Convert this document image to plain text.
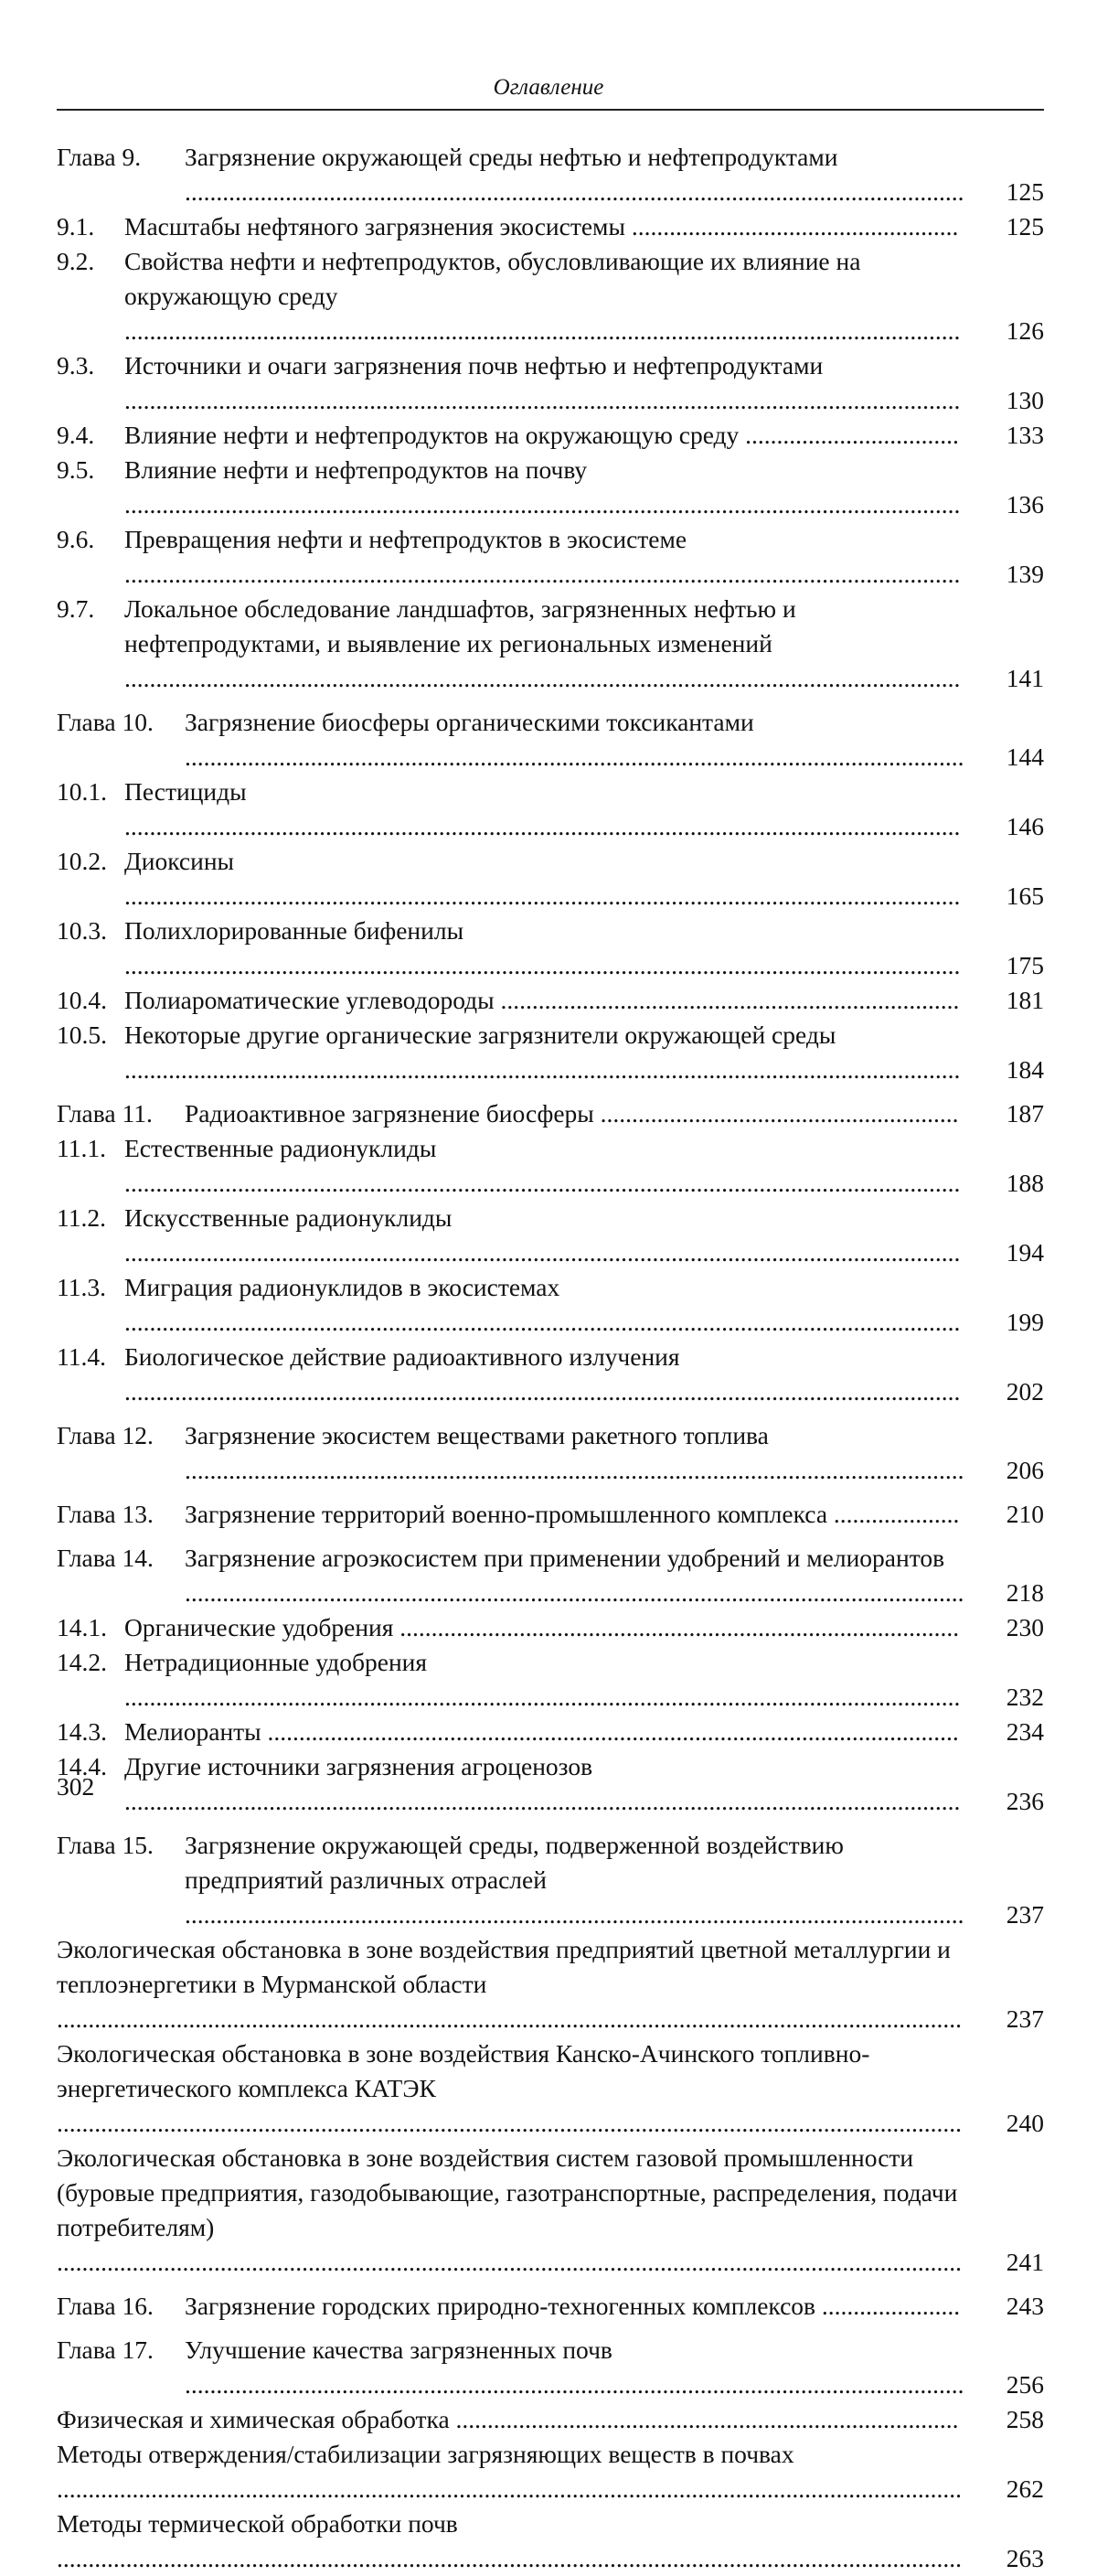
Оглавление
Глава 9. Загрязнение окружающей среды нефтью и нефтепродуктами ............................................................................................................................	125
9.1. Масштабы нефтяного загрязнения экосистемы ....................................................	125
9.2. Свойства нефти и нефтепродуктов, обусловливающие их влияние на окружающую среду .....................................................................................................................................	126
9.3. Источники и очаги загрязнения почв нефтью и нефтепродуктами .....................................................................................................................................	130
9.4. Влияние нефти и нефтепродуктов на окружающую среду ..................................	133
9.5. Влияние нефти и нефтепродуктов на почву .....................................................................................................................................	136
9.6. Превращения нефти и нефтепродуктов в экосистеме .....................................................................................................................................	139
9.7. Локальное обследование ландшафтов, загрязненных нефтью и нефтепродуктами, и выявление их региональных изменений .....................................................................................................................................	141
Глава 10. Загрязнение биосферы органическими токсикантами ............................................................................................................................	144
10.1. Пестициды .....................................................................................................................................	146
10.2. Диоксины .....................................................................................................................................	165
10.3. Полихлорированные бифенилы .....................................................................................................................................	175
10.4. Полиароматические углеводороды .........................................................................	181
10.5. Некоторые другие органические загрязнители окружающей среды .....................................................................................................................................	184
Глава 11. Радиоактивное загрязнение биосферы .........................................................	187
11.1. Естественные радионуклиды .....................................................................................................................................	188
11.2. Искусственные радионуклиды .....................................................................................................................................	194
11.3. Миграция радионуклидов в экосистемах .....................................................................................................................................	199
11.4. Биологическое действие радиоактивного излучения .....................................................................................................................................	202
Глава 12. Загрязнение экосистем веществами ракетного топлива ............................................................................................................................	206
Глава 13. Загрязнение территорий военно-промышленного комплекса ....................	210
Глава 14. Загрязнение агроэкосистем при применении удобрений и мелиорантов ............................................................................................................................	218
14.1. Органические удобрения .........................................................................................	230
14.2. Нетрадиционные удобрения .....................................................................................................................................	232
14.3. Мелиоранты ..............................................................................................................	234
14.4. Другие источники загрязнения агроценозов .....................................................................................................................................	236
Глава 15. Загрязнение окружающей среды, подверженной воздействию предприятий различных отраслей ............................................................................................................................	237
Экологическая обстановка в зоне воздействия предприятий цветной металлургии и теплоэнергетики в Мурманской области ................................................................................................................................................	237
Экологическая обстановка в зоне воздействия Канско-Ачинского топливно-энергетического комплекса КАТЭК ................................................................................................................................................	240
Экологическая обстановка в зоне воздействия систем газовой промышленности (буровые предприятия, газодобывающие, газотранспортные, распределения, подачи потребителям) ................................................................................................................................................	241
Глава 16. Загрязнение городских природно-техногенных комплексов ......................	243
Глава 17. Улучшение качества загрязненных почв ............................................................................................................................	256
Физическая и химическая обработка ................................................................................	258
Методы отверждения/стабилизации загрязняющих веществ в почвах ................................................................................................................................................	262
Методы термической обработки почв ................................................................................................................................................	263
302
